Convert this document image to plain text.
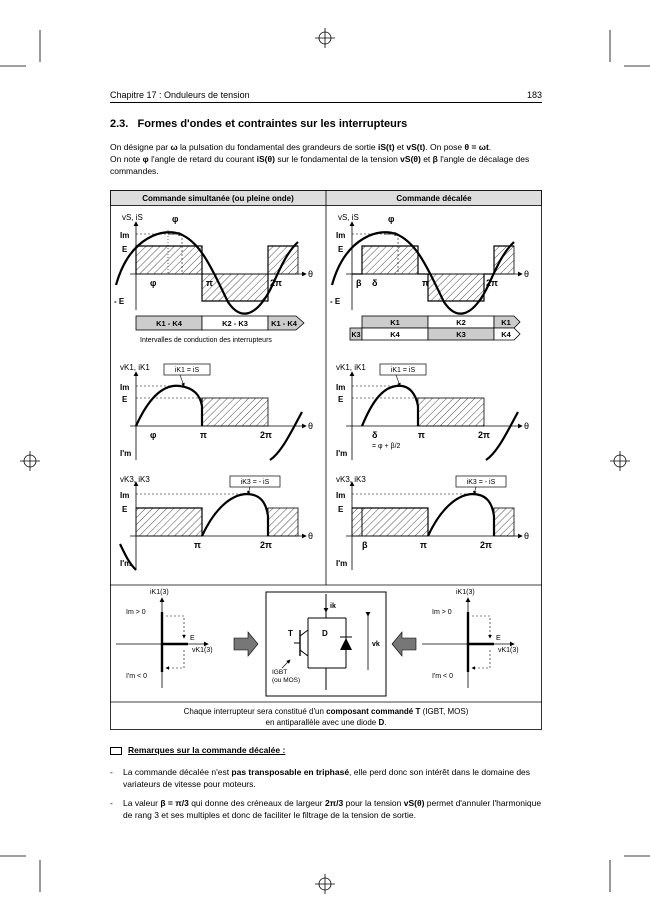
Chapitre 17 : Onduleurs de tension	183
2.3. Formes d'ondes et contraintes sur les interrupteurs
On désigne par ω la pulsation du fondamental des grandeurs de sortie iS(t) et vS(t). On pose θ = ωt.
On note φ l'angle de retard du courant iS(θ) sur le fondamental de la tension vS(θ) et β l'angle de décalage des commandes.
Commande simultanée (ou pleine onde)	Commande décalée
vS, iS	φ
Im
E
- E
φ	π	2π
θ
K1 - K4	K2 - K3	K1 - K4
Intervalles de conduction des interrupteurs
vS, iS	φ
Im
E
- E
β δ	π	2π
θ
K1	K2	K1
K3	K4	K3	K4
iK1 = iS
vK1, iK1
Im
E
I'm
φ	π	2π
θ
iK1 = iS
vK1, iK1
Im
E
I'm
δ
= φ + β/2
π	2π
θ
iK3 = - iS
vK3, iK3
Im
E
I'm
π	2π
θ
iK3 = - iS
vK3, iK3
Im
E
I'm
β	π	2π
θ
iK1(3)
Im > 0
I'm < 0
E
vK1(3)
ik
T	D
vk
IGBT
(ou MOS)
iK1(3)
Im > 0
I'm < 0
E
vK1(3)
Chaque interrupteur sera constitué d'un composant commandé T (IGBT, MOS)
en antiparallèle avec une diode D.
Remarques sur la commande décalée :
- La commande décalée n'est pas transposable en triphasé, elle perd donc son intérêt dans le domaine des variateurs de vitesse pour moteurs.
- La valeur β = π/3 qui donne des créneaux de largeur 2π/3 pour la tension vS(θ) permet d'annuler l'harmonique de rang 3 et ses multiples et donc de faciliter le filtrage de la tension de sortie.
